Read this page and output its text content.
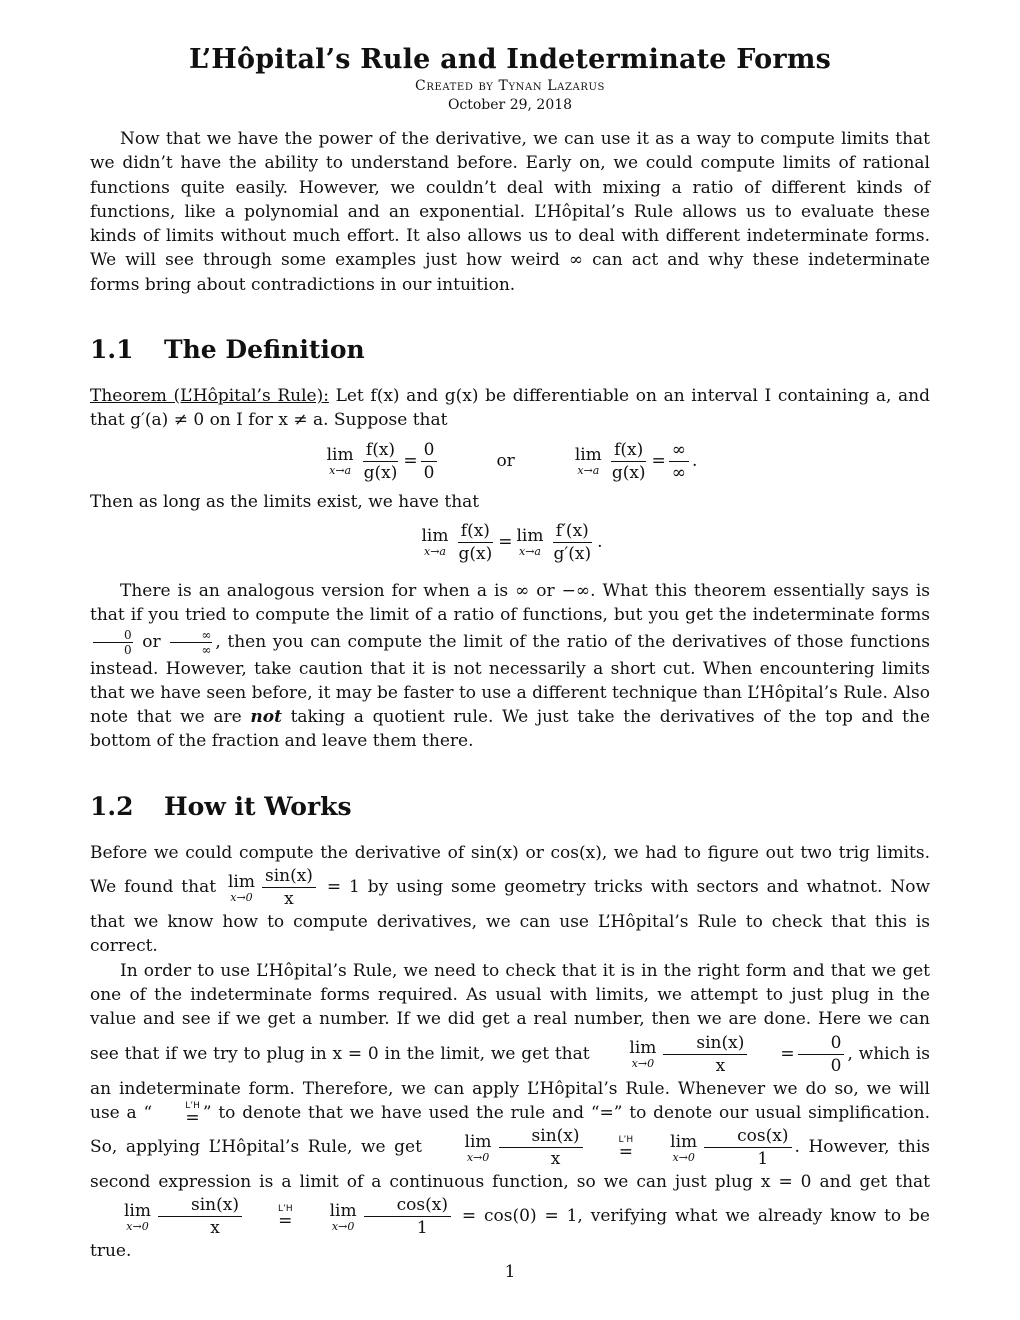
L’Hôpital’s Rule and Indeterminate Forms
Created by Tynan Lazarus
October 29, 2018

Now that we have the power of the derivative, we can use it as a way to compute limits that we didn’t have the ability to understand before. Early on, we could compute limits of rational functions quite easily. However, we couldn’t deal with mixing a ratio of different kinds of functions, like a polynomial and an exponential. L’Hôpital’s Rule allows us to evaluate these kinds of limits without much effort. It also allows us to deal with different indeterminate forms. We will see through some examples just how weird ∞ can act and why these indeterminate forms bring about contradictions in our intuition.

1.1	The Definition

Theorem (L’Hôpital’s Rule): Let f(x) and g(x) be differentiable on an interval I containing a, and that g′(a) ≠ 0 on I for x ≠ a. Suppose that

lim
$x\to a \frac{f(x)}{g(x)} = \frac{0}{0}$	or	lim
$x\to a \frac{f(x)}{g(x)} = \frac{\infty}{\infty}$ .

Then as long as the limits exist, we have that

lim
$x\to a \frac{f(x)}{g(x)} = \lim$
$x\to a \frac{f'(x)}{g'(x)}$ .

There is an analogous version for when a is ∞ or −∞. What this theorem essentially says is that if you tried to compute the limit of a ratio of functions, but you get the indeterminate forms
$\frac{0}{0}$ or $\frac{\infty}{\infty}$ , then you can compute the limit of the ratio of the derivatives of those functions instead. However, take caution that it is not necessarily a short cut. When encountering limits that we have seen before, it may be faster to use a different technique than L’Hôpital’s Rule. Also note that we are not taking a quotient rule. We just take the derivatives of the top and the bottom of the fraction and leave them there.

1.2	How it Works

Before we could compute the derivative of sin(x) or cos(x), we had to figure out two trig limits. We found that lim
$x\to 0 \frac{\sin(x)}{x} = 1$ by using some geometry tricks with sectors and whatnot. Now that we know how to compute derivatives, we can use L’Hôpital’s Rule to check that this is correct.

In order to use L’Hôpital’s Rule, we need to check that it is in the right form and that we get one of the indeterminate forms required. As usual with limits, we attempt to just plug in the value and see if we get a number. If we did get a real number, then we are done. Here we can see that if we try to plug in x = 0 in the limit, we get that	lim
$x\to 0 \frac{\sin(x)}{x}$	= $\frac{0}{0}$ , which is an indeterminate form. Therefore, we can apply L’Hôpital’s Rule. Whenever we do so, we will use a “	L’H
= ” to denote that we have used the rule and “=” to denote our usual simplification. So, applying L’Hôpital’s Rule, we get	lim
$x\to 0 \frac{\sin(x)}{x}$	L’H
=
lim
$x\to 0 \frac{\cos(x)}{1}$ . However, this second expression is a limit of a continuous function, so we can just plug x = 0 and get that
lim
$x\to 0 \frac{\sin(x)}{x}$	L’H
=
lim
$x\to 0 \frac{\cos(x)}{1} = \cos(0) = 1$, verifying what we already know to be true.

1
